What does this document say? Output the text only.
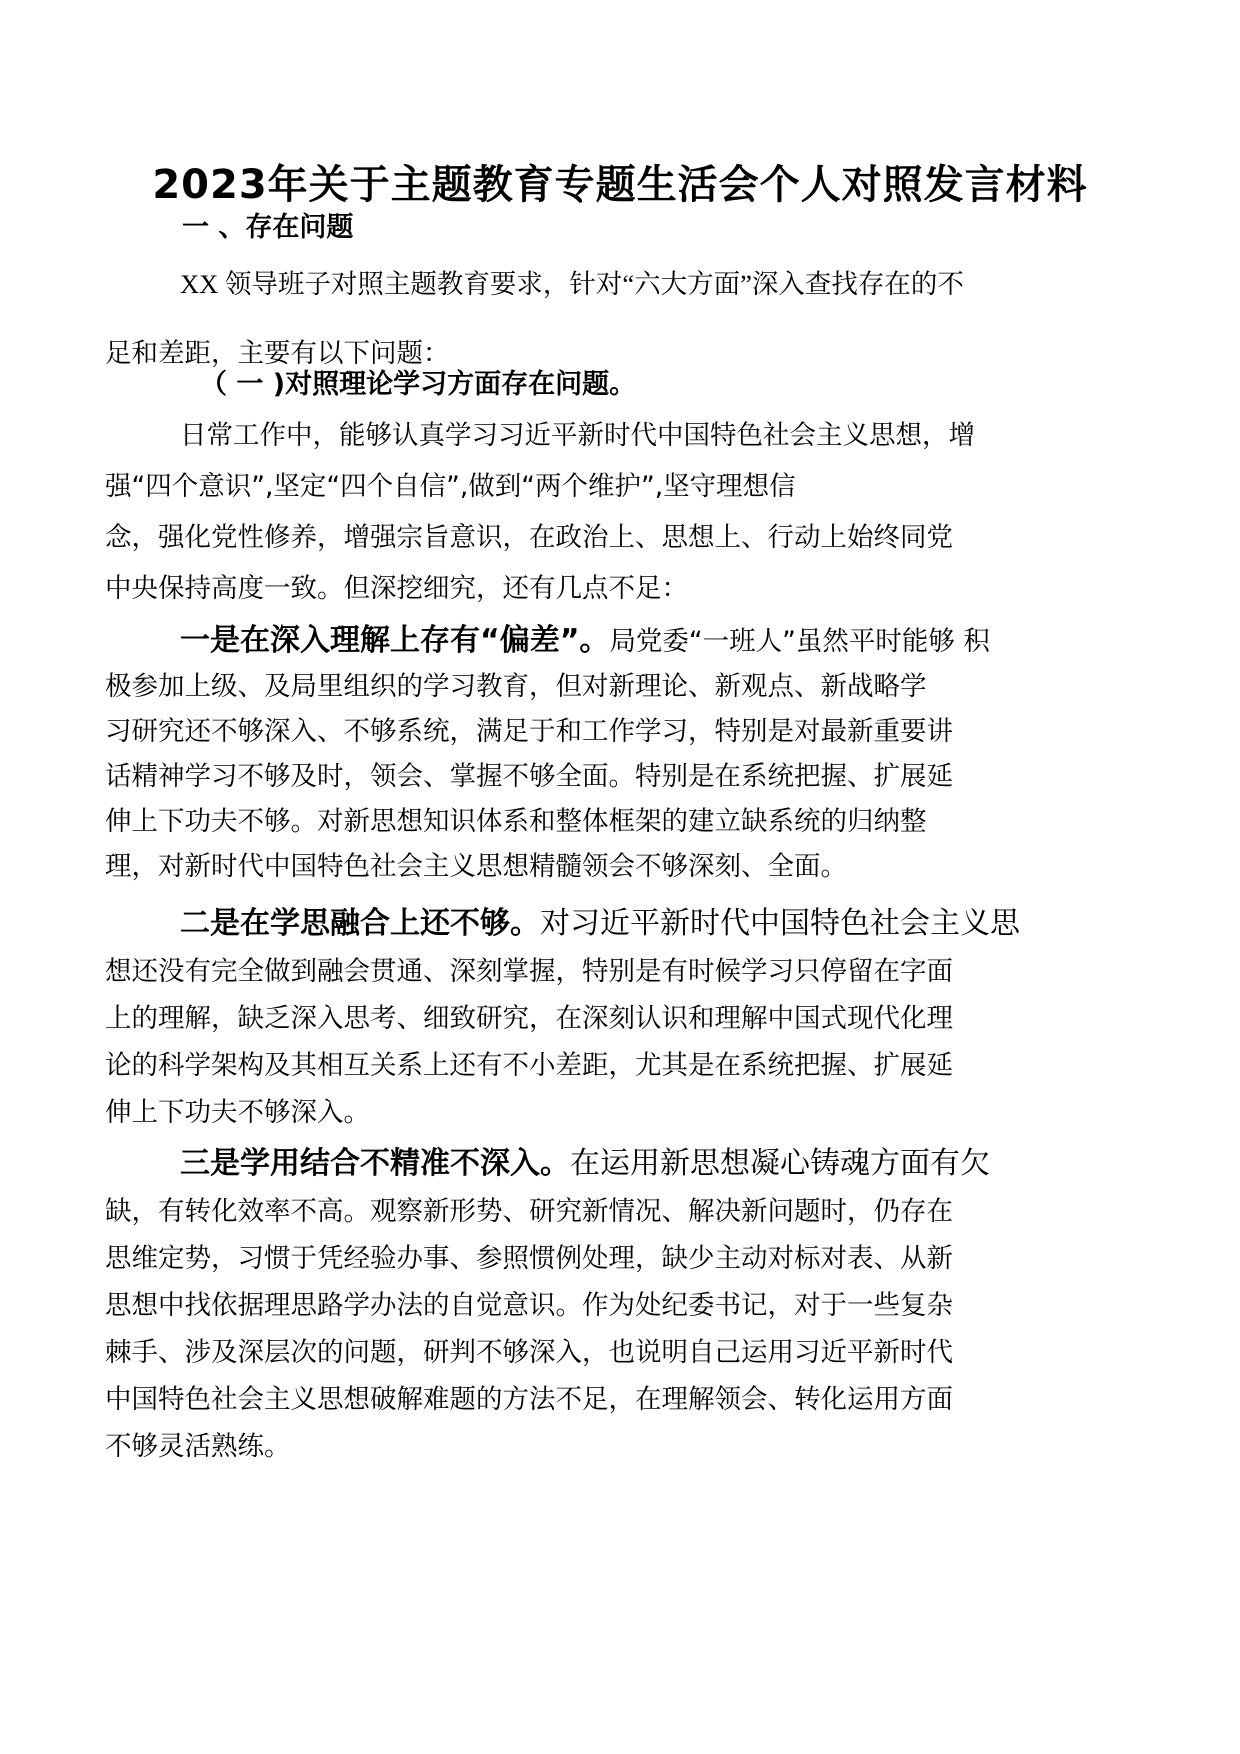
2023年关于主题教育专题生活会个人对照发言材料
一 、存在问题
XX 领导班子对照主题教育要求，针对“六大方面”深入查找存在的不
足和差距，主要有以下问题：
（ 一 )对照理论学习方面存在问题。
日常工作中，能够认真学习习近平新时代中国特色社会主义思想，增
强“四个意识”,坚定“四个自信”,做到“两个维护”,坚守理想信
念，强化党性修养，增强宗旨意识，在政治上、思想上、行动上始终同党
中央保持高度一致。但深挖细究，还有几点不足：
一是在深入理解上存有“偏差”。局党委“一班人”虽然平时能够 积
极参加上级、及局里组织的学习教育，但对新理论、新观点、新战略学
习研究还不够深入、不够系统，满足于和工作学习，特别是对最新重要讲
话精神学习不够及时，领会、掌握不够全面。特别是在系统把握、扩展延
伸上下功夫不够。对新思想知识体系和整体框架的建立缺系统的归纳整
理，对新时代中国特色社会主义思想精髓领会不够深刻、全面。
二是在学思融合上还不够。对习近平新时代中国特色社会主义思
想还没有完全做到融会贯通、深刻掌握，特别是有时候学习只停留在字面
上的理解，缺乏深入思考、细致研究，在深刻认识和理解中国式现代化理
论的科学架构及其相互关系上还有不小差距，尤其是在系统把握、扩展延
伸上下功夫不够深入。
三是学用结合不精准不深入。在运用新思想凝心铸魂方面有欠
缺，有转化效率不高。观察新形势、研究新情况、解决新问题时，仍存在
思维定势，习惯于凭经验办事、参照惯例处理，缺少主动对标对表、从新
思想中找依据理思路学办法的自觉意识。作为处纪委书记，对于一些复杂
棘手、涉及深层次的问题，研判不够深入，也说明自己运用习近平新时代
中国特色社会主义思想破解难题的方法不足，在理解领会、转化运用方面
不够灵活熟练。
